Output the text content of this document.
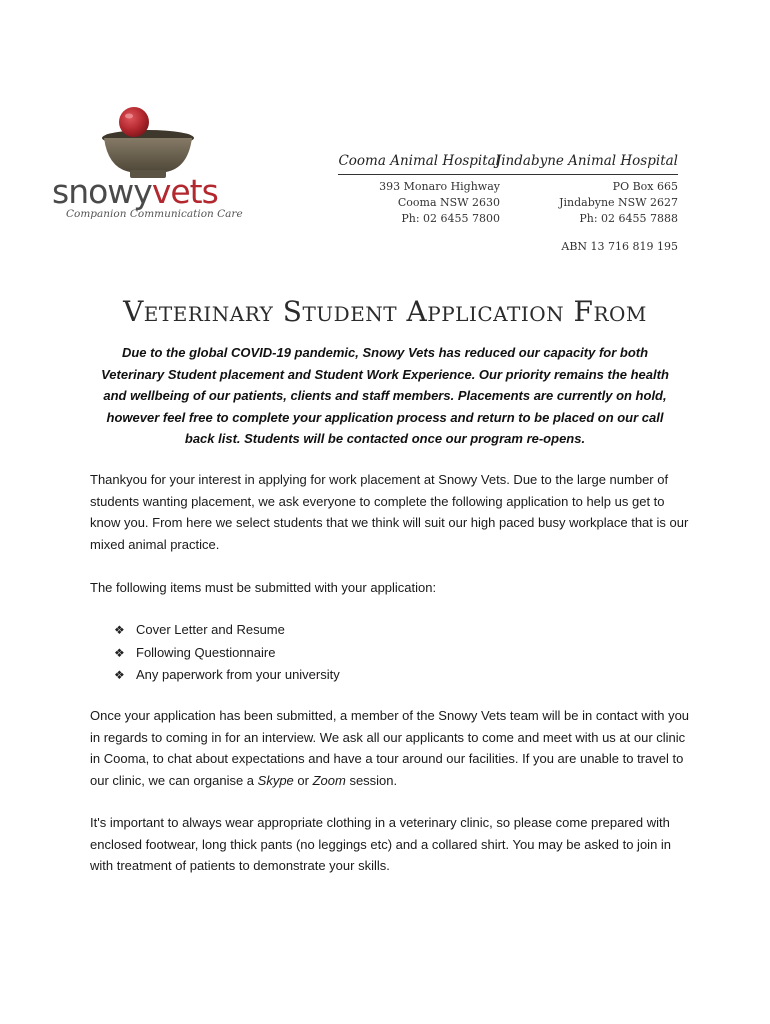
snowyvets
Companion Communication Care
Cooma Animal Hospital
393 Monaro Highway
Cooma NSW 2630
Ph: 02 6455 7800
Jindabyne Animal Hospital
PO Box 665
Jindabyne NSW 2627
Ph: 02 6455 7888
ABN 13 716 819 195
Veterinary Student Application From
Due to the global COVID-19 pandemic, Snowy Vets has reduced our capacity for both Veterinary Student placement and Student Work Experience. Our priority remains the health and wellbeing of our patients, clients and staff members. Placements are currently on hold, however feel free to complete your application process and return to be placed on our call back list. Students will be contacted once our program re-opens.
Thankyou for your interest in applying for work placement at Snowy Vets. Due to the large number of students wanting placement, we ask everyone to complete the following application to help us get to know you. From here we select students that we think will suit our high paced busy workplace that is our mixed animal practice.
The following items must be submitted with your application:
❖ Cover Letter and Resume
❖ Following Questionnaire
❖ Any paperwork from your university
Once your application has been submitted, a member of the Snowy Vets team will be in contact with you in regards to coming in for an interview. We ask all our applicants to come and meet with us at our clinic in Cooma, to chat about expectations and have a tour around our facilities. If you are unable to travel to our clinic, we can organise a Skype or Zoom session.
It's important to always wear appropriate clothing in a veterinary clinic, so please come prepared with enclosed footwear, long thick pants (no leggings etc) and a collared shirt. You may be asked to join in with treatment of patients to demonstrate your skills.
